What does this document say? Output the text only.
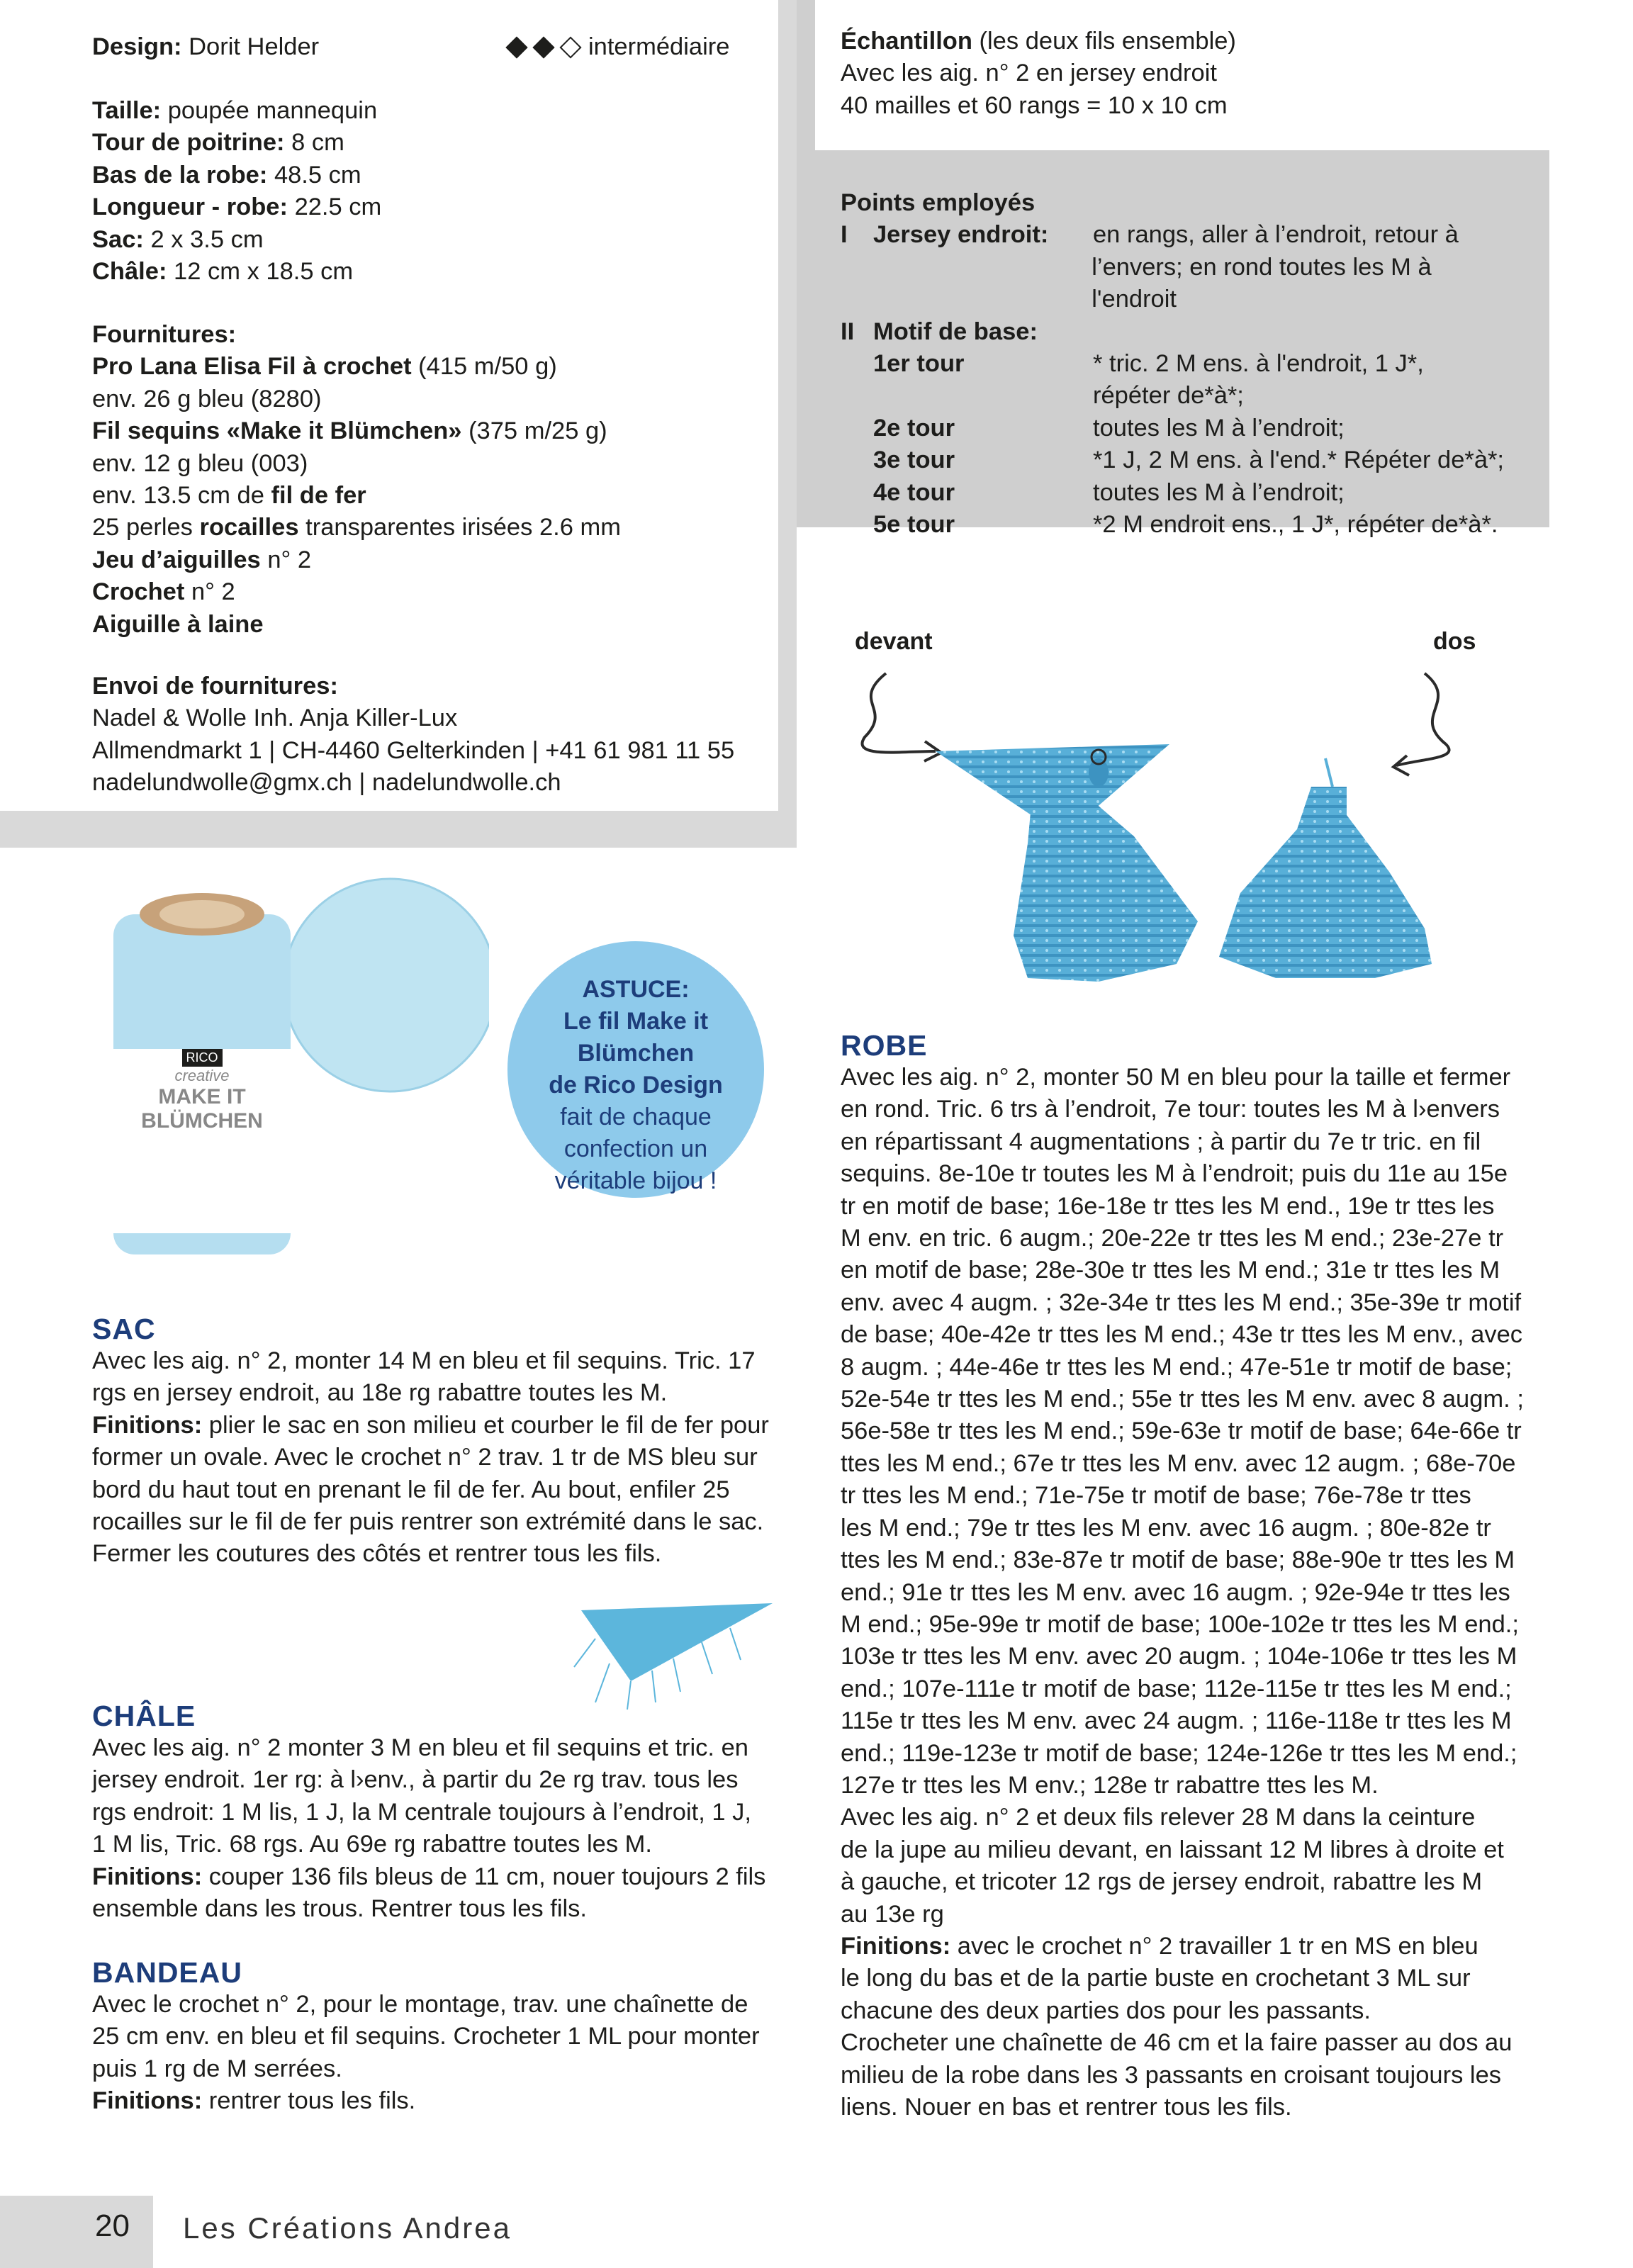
Design: Dorit Helder	intermédiaire
Taille: poupée mannequin
Tour de poitrine: 8 cm
Bas de la robe: 48.5 cm
Longueur - robe: 22.5 cm
Sac: 2 x 3.5 cm
Châle: 12 cm x 18.5 cm
Fournitures:
Pro Lana Elisa Fil à crochet (415 m/50 g)
env. 26 g bleu (8280)
Fil sequins «Make it Blümchen» (375 m/25 g)
env. 12 g bleu (003)
env. 13.5 cm de fil de fer
25 perles rocailles transparentes irisées 2.6 mm
Jeu d’aiguilles n° 2
Crochet n° 2
Aiguille à laine
Envoi de fournitures:
Nadel & Wolle Inh. Anja Killer-Lux
Allmendmarkt 1 | CH-4460 Gelterkinden | +41 61 981 11 55
nadelundwolle@gmx.ch | nadelundwolle.ch
Échantillon (les deux fils ensemble)
Avec les aig. n° 2 en jersey endroit
40 mailles et 60 rangs = 10 x 10 cm
Points employés
I	Jersey endroit:	en rangs, aller à l’endroit, retour à
l’envers; en rond toutes les M à l'endroit
II Motif de base:
1er tour	* tric. 2 M ens. à l'endroit, 1 J*,
répéter de*à*;
2e tour	toutes les M à l’endroit;
3e tour	*1 J, 2 M ens. à l'end.* Répéter de*à*;
4e tour	toutes les M à l’endroit;
5e tour	*2 M endroit ens., 1 J*, répéter de*à*.
devant	dos
RICO
creative
MAKE IT
BLÜMCHEN
ASTUCE:
Le fil Make it
Blümchen
de Rico Design
fait de chaque
confection un
véritable bijou !
SAC
Avec les aig. n° 2, monter 14 M en bleu et fil sequins. Tric. 17
rgs en jersey endroit, au 18e rg rabattre toutes les M.
Finitions: plier le sac en son milieu et courber le fil de fer pour
former un ovale. Avec le crochet n° 2 trav. 1 tr de MS bleu sur
bord du haut tout en prenant le fil de fer. Au bout, enfiler 25
rocailles sur le fil de fer puis rentrer son extrémité dans le sac.
Fermer les coutures des côtés et rentrer tous les fils.
CHÂLE
Avec les aig. n° 2 monter 3 M en bleu et fil sequins et tric. en
jersey endroit. 1er rg: à l›env., à partir du 2e rg trav. tous les
rgs endroit: 1 M lis, 1 J, la M centrale toujours à l’endroit, 1 J,
1 M lis, Tric. 68 rgs. Au 69e rg rabattre toutes les M.
Finitions: couper 136 fils bleus de 11 cm, nouer toujours 2 fils
ensemble dans les trous. Rentrer tous les fils.
BANDEAU
Avec le crochet n° 2, pour le montage, trav. une chaînette de
25 cm env. en bleu et fil sequins. Crocheter 1 ML pour monter
puis 1 rg de M serrées.
Finitions: rentrer tous les fils.
ROBE
Avec les aig. n° 2, monter 50 M en bleu pour la taille et fermer
en rond. Tric. 6 trs à l’endroit, 7e tour: toutes les M à l›envers
en répartissant 4 augmentations ; à partir du 7e tr tric. en fil
sequins. 8e-10e tr toutes les M à l’endroit; puis du 11e au 15e
tr en motif de base; 16e-18e tr ttes les M end., 19e tr ttes les
M env. en tric. 6 augm.; 20e-22e tr ttes les M end.; 23e-27e tr
en motif de base; 28e-30e tr ttes les M end.; 31e tr ttes les M
env. avec 4 augm. ; 32e-34e tr ttes les M end.; 35e-39e tr motif
de base; 40e-42e tr ttes les M end.; 43e tr ttes les M env., avec
8 augm. ; 44e-46e tr ttes les M end.; 47e-51e tr motif de base;
52e-54e tr ttes les M end.; 55e tr ttes les M env. avec 8 augm. ;
56e-58e tr ttes les M end.; 59e-63e tr motif de base; 64e-66e tr
ttes les M end.; 67e tr ttes les M env. avec 12 augm. ; 68e-70e
tr ttes les M end.; 71e-75e tr motif de base; 76e-78e tr ttes
les M end.; 79e tr ttes les M env. avec 16 augm. ; 80e-82e tr
ttes les M end.; 83e-87e tr motif de base; 88e-90e tr ttes les M
end.; 91e tr ttes les M env. avec 16 augm. ; 92e-94e tr ttes les
M end.; 95e-99e tr motif de base; 100e-102e tr ttes les M end.;
103e tr ttes les M env. avec 20 augm. ; 104e-106e tr ttes les M
end.; 107e-111e tr motif de base; 112e-115e tr ttes les M end.;
115e tr ttes les M env. avec 24 augm. ; 116e-118e tr ttes les M
end.; 119e-123e tr motif de base; 124e-126e tr ttes les M end.;
127e tr ttes les M env.; 128e tr rabattre ttes les M.
Avec les aig. n° 2 et deux fils relever 28 M dans la ceinture
de la jupe au milieu devant, en laissant 12 M libres à droite et
à gauche, et tricoter 12 rgs de jersey endroit, rabattre les M
au 13e rg
Finitions: avec le crochet n° 2 travailler 1 tr en MS en bleu
le long du bas et de la partie buste en crochetant 3 ML sur
chacune des deux parties dos pour les passants.
Crocheter une chaînette de 46 cm et la faire passer au dos au
milieu de la robe dans les 3 passants en croisant toujours les
liens. Nouer en bas et rentrer tous les fils.
20 Les Créations Andrea
